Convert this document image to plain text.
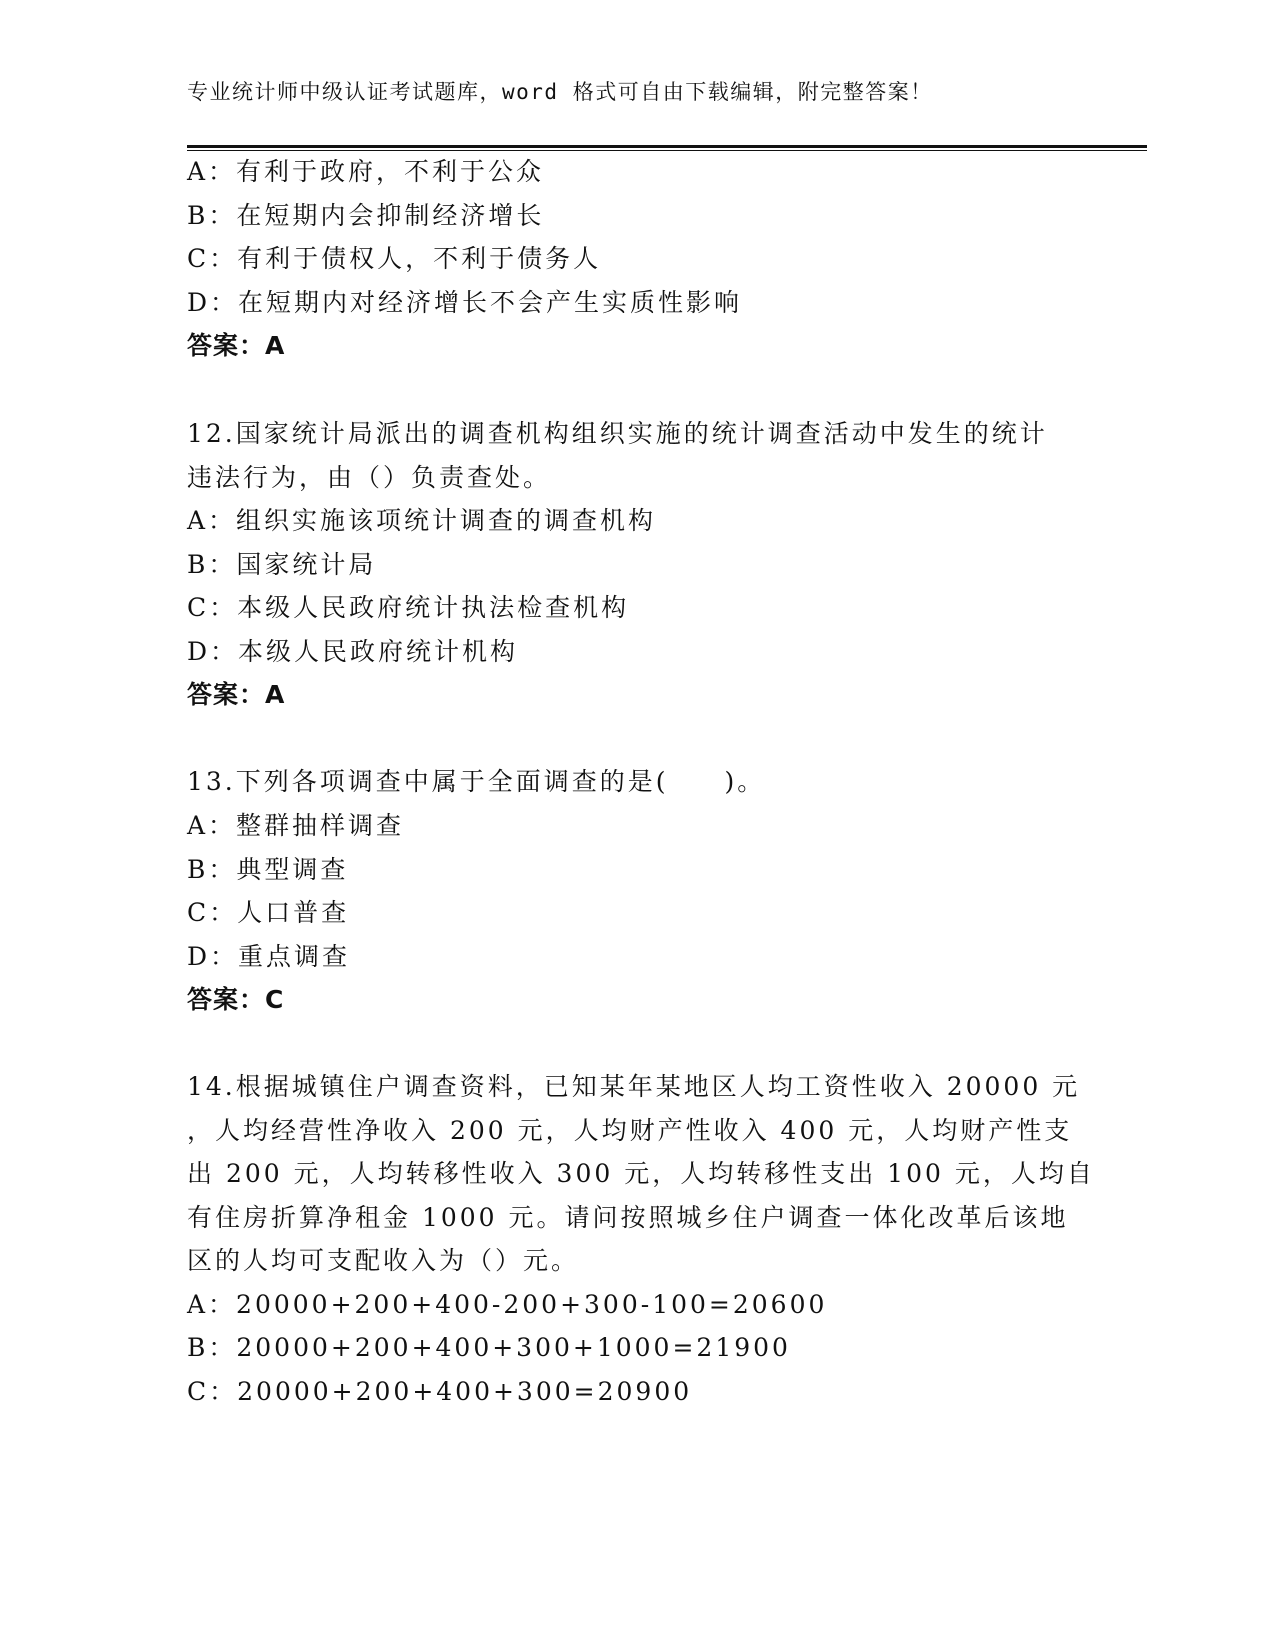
专业统计师中级认证考试题库，word 格式可自由下载编辑，附完整答案！
A：有利于政府，不利于公众
B：在短期内会抑制经济增长
C：有利于债权人，不利于债务人
D：在短期内对经济增长不会产生实质性影响
答案：A
12.国家统计局派出的调查机构组织实施的统计调查活动中发生的统计
违法行为，由（）负责查处。
A：组织实施该项统计调查的调查机构
B：国家统计局
C：本级人民政府统计执法检查机构
D：本级人民政府统计机构
答案：A
13.下列各项调查中属于全面调查的是(　　)。
A：整群抽样调查
B：典型调查
C：人口普查
D：重点调查
答案：C
14.根据城镇住户调查资料，已知某年某地区人均工资性收入 20000 元
，人均经营性净收入 200 元，人均财产性收入 400 元，人均财产性支
出 200 元，人均转移性收入 300 元，人均转移性支出 100 元，人均自
有住房折算净租金 1000 元。请问按照城乡住户调查一体化改革后该地
区的人均可支配收入为（）元。
A：20000+200+400-200+300-100=20600
B：20000+200+400+300+1000=21900
C：20000+200+400+300=20900
